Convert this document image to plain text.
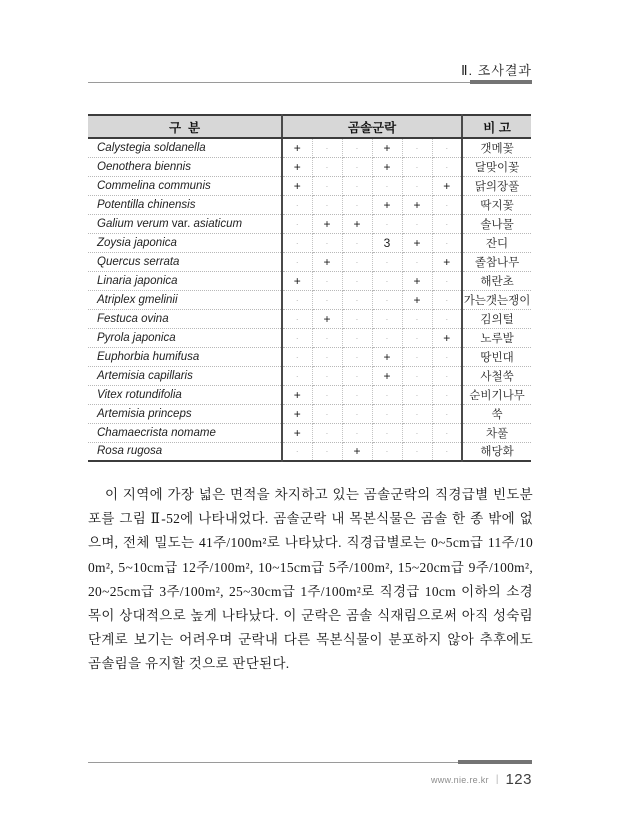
Ⅱ. 조사결과
구  분	곰솔군락						비 고
Calystegia soldanella	+	·	·	+	·	·	갯메꽃
Oenothera biennis	+	·	·	+	·	·	달맞이꽃
Commelina communis	+	·	·	·	·	+	닭의장풀
Potentilla chinensis	·	·	·	+	+	·	딱지꽃
Galium verum var. asiaticum	·	+	+	·	·	·	솔나물
Zoysia japonica	·	·	·	3	+	·	잔디
Quercus serrata	·	+	·	·	·	+	졸참나무
Linaria japonica	+	·	·	·	+	·	해란초
Atriplex gmelinii	·	·	·	·	+	·	가는갯는쟁이
Festuca ovina	·	+	·	·	·	·	김의털
Pyrola japonica	·	·	·	·	·	+	노루발
Euphorbia humifusa	·	·	·	+	·	·	땅빈대
Artemisia capillaris	·	·	·	+	·	·	사철쑥
Vitex rotundifolia	+	·	·	·	·	·	순비기나무
Artemisia princeps	+	·	·	·	·	·	쑥
Chamaecrista nomame	+	·	·	·	·	·	차풀
Rosa rugosa	·	·	+	·	·	·	해당화

이 지역에 가장 넓은 면적을 차지하고 있는 곰솔군락의 직경급별 빈도분포를 그림 Ⅱ-52에 나타내었다. 곰솔군락 내 목본식물은 곰솔 한 종 밖에 없으며, 전체 밀도는 41주/100m²로 나타났다. 직경급별로는 0~5cm급 11주/100m², 5~10cm급 12주/100m², 10~15cm급 5주/100m², 15~20cm급 9주/100m², 20~25cm급 3주/100m², 25~30cm급 1주/100m²로 직경급 10cm 이하의 소경목이 상대적으로 높게 나타났다. 이 군락은 곰솔 식재림으로써 아직 성숙림 단계로 보기는 어려우며 군락내 다른 목본식물이 분포하지 않아 추후에도 곰솔림을 유지할 것으로 판단된다.

www.nie.re.kr | 123
